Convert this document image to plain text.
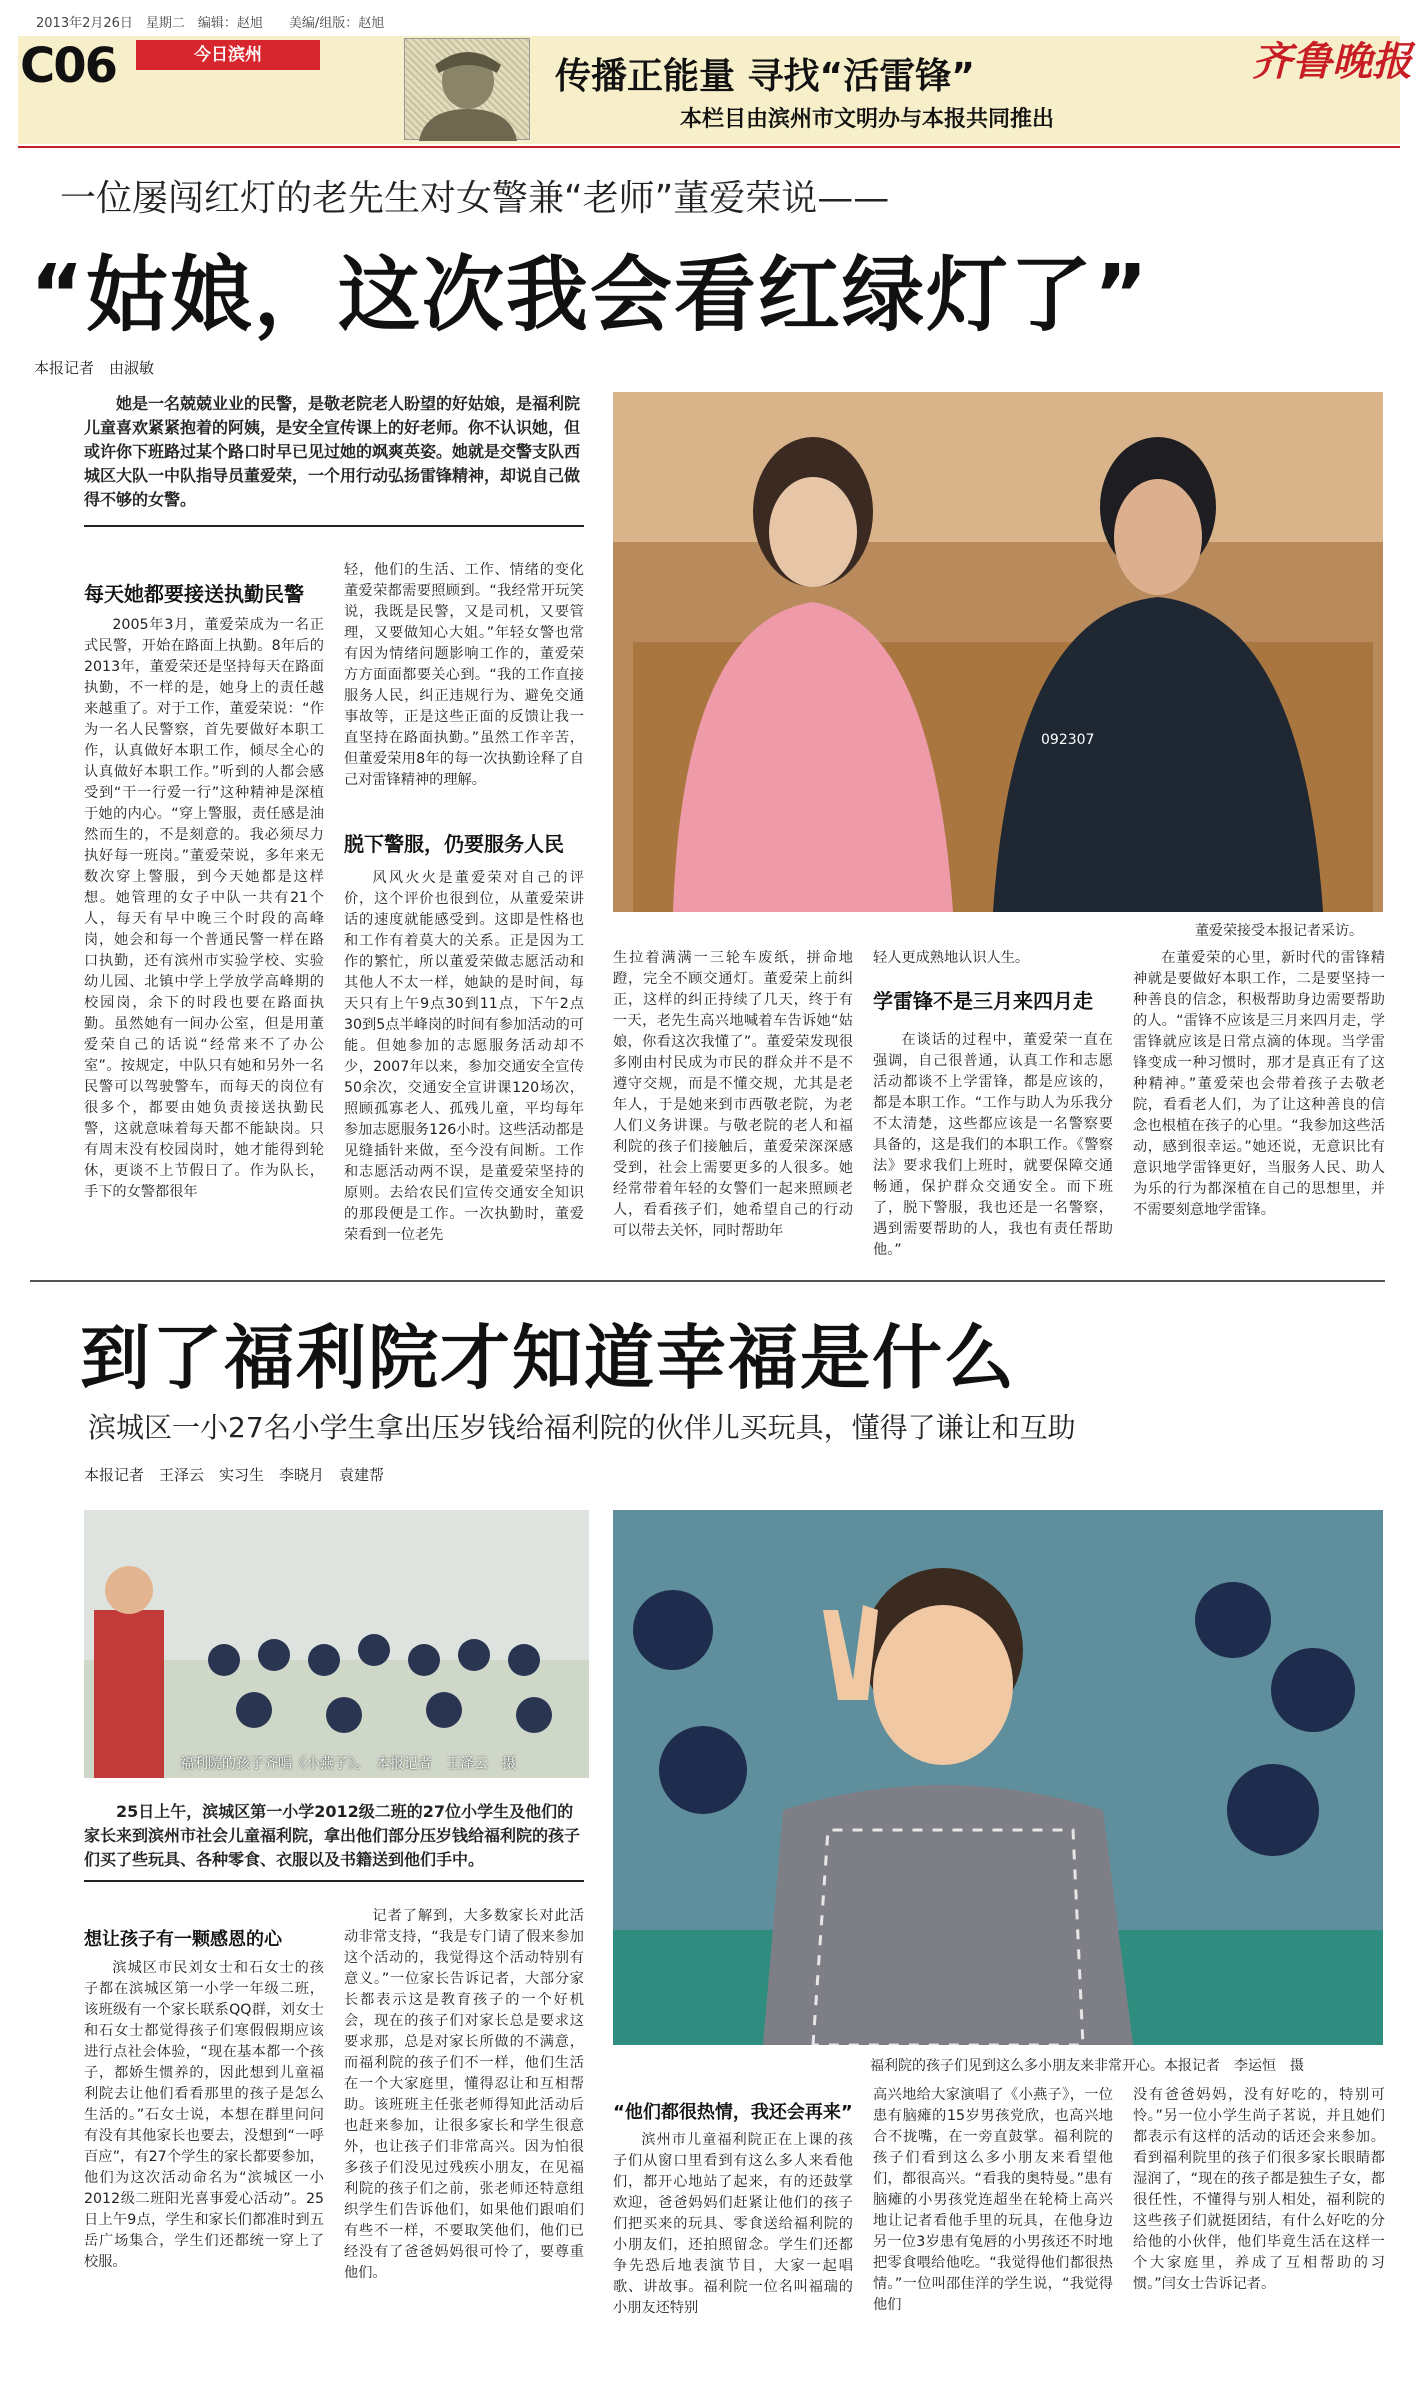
2013年2月26日　星期二　编辑：赵旭　　美编/组版：赵旭
C06	今日滨州
传播正能量 寻找“活雷锋”
本栏目由滨州市文明办与本报共同推出
齐鲁晚报
一位屡闯红灯的老先生对女警兼“老师”董爱荣说——
“姑娘，这次我会看红绿灯了”
本报记者　由淑敏
她是一名兢兢业业的民警，是敬老院老人盼望的好姑娘，是福利院儿童喜欢紧紧抱着的阿姨，是安全宣传课上的好老师。你不认识她，但或许你下班路过某个路口时早已见过她的飒爽英姿。她就是交警支队西城区大队一中队指导员董爱荣，一个用行动弘扬雷锋精神，却说自己做得不够的女警。
每天她都要接送执勤民警

2005年3月，董爱荣成为一名正式民警，开始在路面上执勤。8年后的2013年，董爱荣还是坚持每天在路面执勤，不一样的是，她身上的责任越来越重了。对于工作，董爱荣说：“作为一名人民警察，首先要做好本职工作，认真做好本职工作，倾尽全心的认真做好本职工作。”听到的人都会感受到“干一行爱一行”这种精神是深植于她的内心。“穿上警服，责任感是油然而生的，不是刻意的。我必须尽力执好每一班岗。”董爱荣说，多年来无数次穿上警服，到今天她都是这样想。她管理的女子中队一共有21个人，每天有早中晚三个时段的高峰岗，她会和每一个普通民警一样在路口执勤，还有滨州市实验学校、实验幼儿园、北镇中学上学放学高峰期的校园岗，余下的时段也要在路面执勤。虽然她有一间办公室，但是用董爱荣自己的话说“经常来不了办公室”。按规定，中队只有她和另外一名民警可以驾驶警车，而每天的岗位有很多个，都要由她负责接送执勤民警，这就意味着每天都不能缺岗。只有周末没有校园岗时，她才能得到轮休，更谈不上节假日了。作为队长，手下的女警都很年

轻，他们的生活、工作、情绪的变化董爱荣都需要照顾到。“我经常开玩笑说，我既是民警，又是司机，又要管理，又要做知心大姐。”年轻女警也常有因为情绪问题影响工作的，董爱荣方方面面都要关心到。“我的工作直接服务人民，纠正违规行为、避免交通事故等，正是这些正面的反馈让我一直坚持在路面执勤。”虽然工作辛苦，但董爱荣用8年的每一次执勤诠释了自己对雷锋精神的理解。

脱下警服，仍要服务人民

风风火火是董爱荣对自己的评价，这个评价也很到位，从董爱荣讲话的速度就能感受到。这即是性格也和工作有着莫大的关系。正是因为工作的繁忙，所以董爱荣做志愿活动和其他人不太一样，她缺的是时间，每天只有上午9点30到11点，下午2点30到5点半峰岗的时间有参加活动的可能。但她参加的志愿服务活动却不少，2007年以来，参加交通安全宣传50余次，交通安全宣讲课120场次，照顾孤寡老人、孤残儿童，平均每年参加志愿服务126小时。这些活动都是见缝插针来做，至今没有间断。工作和志愿活动两不误，是董爱荣坚持的原则。去给农民们宣传交通安全知识的那段便是工作。一次执勤时，董爱荣看到一位老先

092307
董爱荣接受本报记者采访。

生拉着满满一三轮车废纸，拼命地蹬，完全不顾交通灯。董爱荣上前纠正，这样的纠正持续了几天，终于有一天，老先生高兴地喊着车告诉她“姑娘，你看这次我懂了”。董爱荣发现很多刚由村民成为市民的群众并不是不遵守交规，而是不懂交规，尤其是老年人，于是她来到市西敬老院，为老人们义务讲课。与敬老院的老人和福利院的孩子们接触后，董爱荣深深感受到，社会上需要更多的人很多。她经常带着年轻的女警们一起来照顾老人，看看孩子们，她希望自己的行动可以带去关怀，同时帮助年

轻人更成熟地认识人生。

学雷锋不是三月来四月走

在谈话的过程中，董爱荣一直在强调，自己很普通，认真工作和志愿活动都谈不上学雷锋，都是应该的，都是本职工作。“工作与助人为乐我分不太清楚，这些都应该是一名警察要具备的，这是我们的本职工作。《警察法》要求我们上班时，就要保障交通畅通，保护群众交通安全。而下班了，脱下警服，我也还是一名警察，遇到需要帮助的人，我也有责任帮助他。”

在董爱荣的心里，新时代的雷锋精神就是要做好本职工作，二是要坚持一种善良的信念，积极帮助身边需要帮助的人。“雷锋不应该是三月来四月走，学雷锋就应该是日常点滴的体现。当学雷锋变成一种习惯时，那才是真正有了这种精神。”董爱荣也会带着孩子去敬老院，看看老人们，为了让这种善良的信念也根植在孩子的心里。“我参加这些活动，感到很幸运。”她还说，无意识比有意识地学雷锋更好，当服务人民、助人为乐的行为都深植在自己的思想里，并不需要刻意地学雷锋。

到了福利院才知道幸福是什么
滨城区一小27名小学生拿出压岁钱给福利院的伙伴儿买玩具，懂得了谦让和互助
本报记者　王泽云　实习生　李晓月　袁建帮
福利院的孩子齐唱《小燕子》。　本报记者　王泽云　摄
25日上午，滨城区第一小学2012级二班的27位小学生及他们的家长来到滨州市社会儿童福利院，拿出他们部分压岁钱给福利院的孩子们买了些玩具、各种零食、衣服以及书籍送到他们手中。
想让孩子有一颗感恩的心

滨城区市民刘女士和石女士的孩子都在滨城区第一小学一年级二班，该班级有一个家长联系QQ群，刘女士和石女士都觉得孩子们寒假假期应该进行点社会体验，“现在基本都一个孩子，都娇生惯养的，因此想到儿童福利院去让他们看看那里的孩子是怎么生活的。”石女士说，本想在群里问问有没有其他家长也要去，没想到“一呼百应”，有27个学生的家长都要参加，他们为这次活动命名为“滨城区一小2012级二班阳光喜事爱心活动”。25日上午9点，学生和家长们都准时到五岳广场集合，学生们还都统一穿上了校服。

记者了解到，大多数家长对此活动非常支持，“我是专门请了假来参加这个活动的，我觉得这个活动特别有意义。”一位家长告诉记者，大部分家长都表示这是教育孩子的一个好机会，现在的孩子们对家长总是要求这要求那，总是对家长所做的不满意，而福利院的孩子们不一样，他们生活在一个大家庭里，懂得忍让和互相帮助。该班班主任张老师得知此活动后也赶来参加，让很多家长和学生很意外，也让孩子们非常高兴。因为怕很多孩子们没见过残疾小朋友，在见福利院的孩子们之前，张老师还特意组织学生们告诉他们，如果他们跟咱们有些不一样，不要取笑他们，他们已经没有了爸爸妈妈很可怜了，要尊重他们。

福利院的孩子们见到这么多小朋友来非常开心。本报记者　李运恒　摄
“他们都很热情，我还会再来”

滨州市儿童福利院正在上课的孩子们从窗口里看到有这么多人来看他们，都开心地站了起来，有的还鼓掌欢迎，爸爸妈妈们赶紧让他们的孩子们把买来的玩具、零食送给福利院的小朋友们，还拍照留念。学生们还都争先恐后地表演节目，大家一起唱歌、讲故事。福利院一位名叫福瑞的小朋友还特别

高兴地给大家演唱了《小燕子》，一位患有脑瘫的15岁男孩党欣，也高兴地合不拢嘴，在一旁直鼓掌。福利院的孩子们看到这么多小朋友来看望他们，都很高兴。“看我的奥特曼。”患有脑瘫的小男孩党连超坐在轮椅上高兴地让记者看他手里的玩具，在他身边另一位3岁患有兔唇的小男孩还不时地把零食喂给他吃。“我觉得他们都很热情。”一位叫邵佳洋的学生说，“我觉得他们

没有爸爸妈妈，没有好吃的，特别可怜。”另一位小学生尚子茗说，并且她们都表示有这样的活动的话还会来参加。看到福利院里的孩子们很多家长眼睛都湿润了，“现在的孩子都是独生子女，都很任性，不懂得与别人相处，福利院的这些孩子们就挺团结，有什么好吃的分给他的小伙伴，他们毕竟生活在这样一个大家庭里，养成了互相帮助的习惯。”闫女士告诉记者。
